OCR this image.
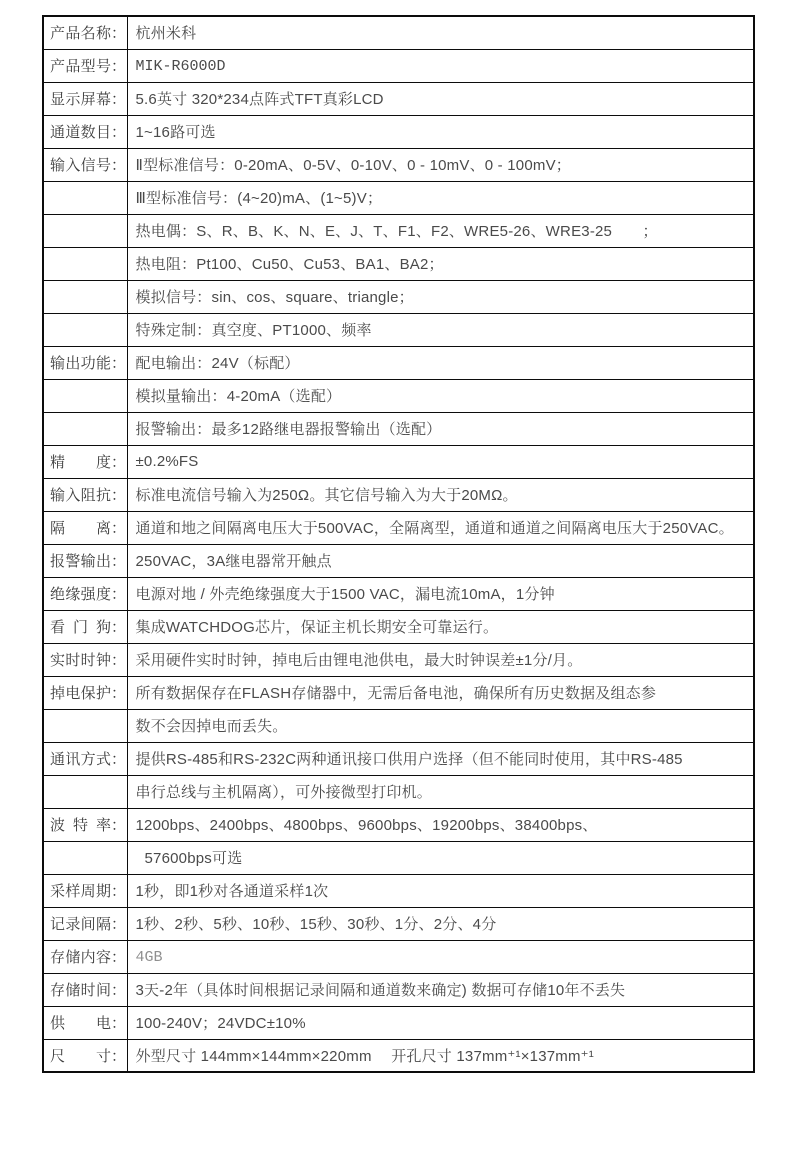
产品名称：	杭州米科
产品型号：	MIK-R6000D
显示屏幕：	5.6英寸 320*234点阵式TFT真彩LCD
通道数目：	1~16路可选
输入信号：	Ⅱ型标准信号：0-20mA、0-5V、0-10V、0 - 10mV、0 - 100mV；
	Ⅲ型标准信号：(4~20)mA、(1~5)V；
	热电偶：S、R、B、K、N、E、J、T、F1、F2、WRE5-26、WRE3-25　　；
	热电阻：Pt100、Cu50、Cu53、BA1、BA2；
	模拟信号：sin、cos、square、triangle；
	特殊定制：真空度、PT1000、频率
输出功能：	配电输出：24V（标配）
	模拟量输出：4-20mA（选配）
	报警输出：最多12路继电器报警输出（选配）
精度：	±0.2%FS
输入阻抗：	标准电流信号输入为250Ω。其它信号输入为大于20MΩ。
隔离：	通道和地之间隔离电压大于500VAC，全隔离型，通道和通道之间隔离电压大于250VAC。
报警输出：	250VAC，3A继电器常开触点
绝缘强度：	电源对地 / 外壳绝缘强度大于1500 VAC，漏电流10mA，1分钟
看门狗：	集成WATCHDOG芯片，保证主机长期安全可靠运行。
实时时钟：	采用硬件实时时钟，掉电后由锂电池供电，最大时钟误差±1分/月。
掉电保护：	所有数据保存在FLASH存储器中，无需后备电池，确保所有历史数据及组态参
	数不会因掉电而丢失。
通讯方式：	提供RS-485和RS-232C两种通讯接口供用户选择（但不能同时使用，其中RS-485
	串行总线与主机隔离），可外接微型打印机。
波特率：	1200bps、2400bps、4800bps、9600bps、19200bps、38400bps、
	57600bps可选
采样周期：	1秒，即1秒对各通道采样1次
记录间隔：	1秒、2秒、5秒、10秒、15秒、30秒、1分、2分、4分
存储内容：	4GB
存储时间：	3天-2年（具体时间根据记录间隔和通道数来确定) 数据可存储10年不丢失
供电：	100-240V；24VDC±10%
尺寸：	外型尺寸 144mm×144mm×220mm　 开孔尺寸 137mm⁺¹×137mm⁺¹
